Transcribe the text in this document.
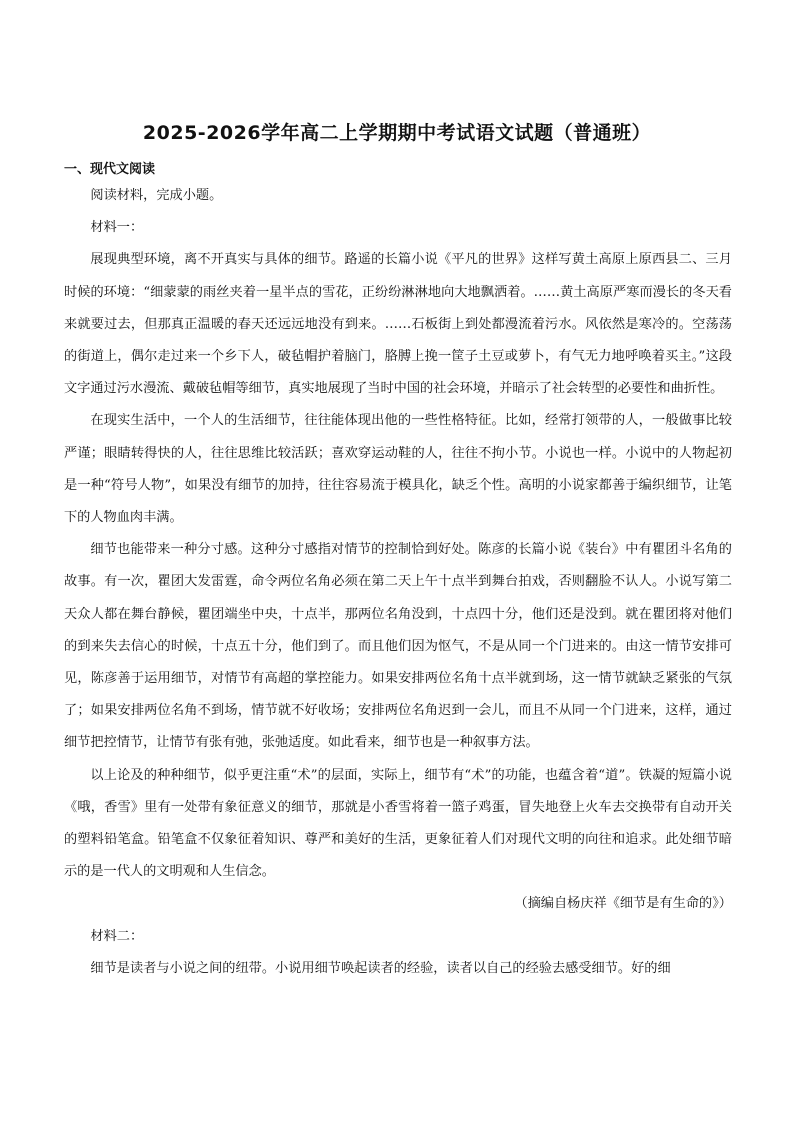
2025-2026学年高二上学期期中考试语文试题（普通班）
一、现代文阅读

阅读材料，完成小题。

材料一：

展现典型环境，离不开真实与具体的细节。路遥的长篇小说《平凡的世界》这样写黄土高原上原西县二、三月时候的环境：“细蒙蒙的雨丝夹着一星半点的雪花，正纷纷淋淋地向大地飘洒着。……黄土高原严寒而漫长的冬天看来就要过去，但那真正温暖的春天还远远地没有到来。……石板街上到处都漫流着污水。风依然是寒冷的。空荡荡的街道上，偶尔走过来一个乡下人，破毡帽护着脑门，胳膊上挽一筐子土豆或萝卜，有气无力地呼唤着买主。”这段文字通过污水漫流、戴破毡帽等细节，真实地展现了当时中国的社会环境，并暗示了社会转型的必要性和曲折性。

在现实生活中，一个人的生活细节，往往能体现出他的一些性格特征。比如，经常打领带的人，一般做事比较严谨；眼睛转得快的人，往往思维比较活跃；喜欢穿运动鞋的人，往往不拘小节。小说也一样。小说中的人物起初是一种“符号人物”，如果没有细节的加持，往往容易流于模具化，缺乏个性。高明的小说家都善于编织细节，让笔下的人物血肉丰满。

细节也能带来一种分寸感。这种分寸感指对情节的控制恰到好处。陈彦的长篇小说《装台》中有瞿团斗名角的故事。有一次，瞿团大发雷霆，命令两位名角必须在第二天上午十点半到舞台拍戏，否则翻脸不认人。小说写第二天众人都在舞台静候，瞿团端坐中央，十点半，那两位名角没到，十点四十分，他们还是没到。就在瞿团将对他们的到来失去信心的时候，十点五十分，他们到了。而且他们因为怄气，不是从同一个门进来的。由这一情节安排可见，陈彦善于运用细节，对情节有高超的掌控能力。如果安排两位名角十点半就到场，这一情节就缺乏紧张的气氛了；如果安排两位名角不到场，情节就不好收场；安排两位名角迟到一会儿，而且不从同一个门进来，这样，通过细节把控情节，让情节有张有弛，张弛适度。如此看来，细节也是一种叙事方法。

以上论及的种种细节，似乎更注重“术”的层面，实际上，细节有“术”的功能，也蕴含着“道”。铁凝的短篇小说《哦，香雪》里有一处带有象征意义的细节，那就是小香雪将着一篮子鸡蛋，冒失地登上火车去交换带有自动开关的塑料铅笔盒。铅笔盒不仅象征着知识、尊严和美好的生活，更象征着人们对现代文明的向往和追求。此处细节暗示的是一代人的文明观和人生信念。

（摘编自杨庆祥《细节是有生命的》）

材料二：

细节是读者与小说之间的纽带。小说用细节唤起读者的经验，读者以自己的经验去感受细节。好的细
